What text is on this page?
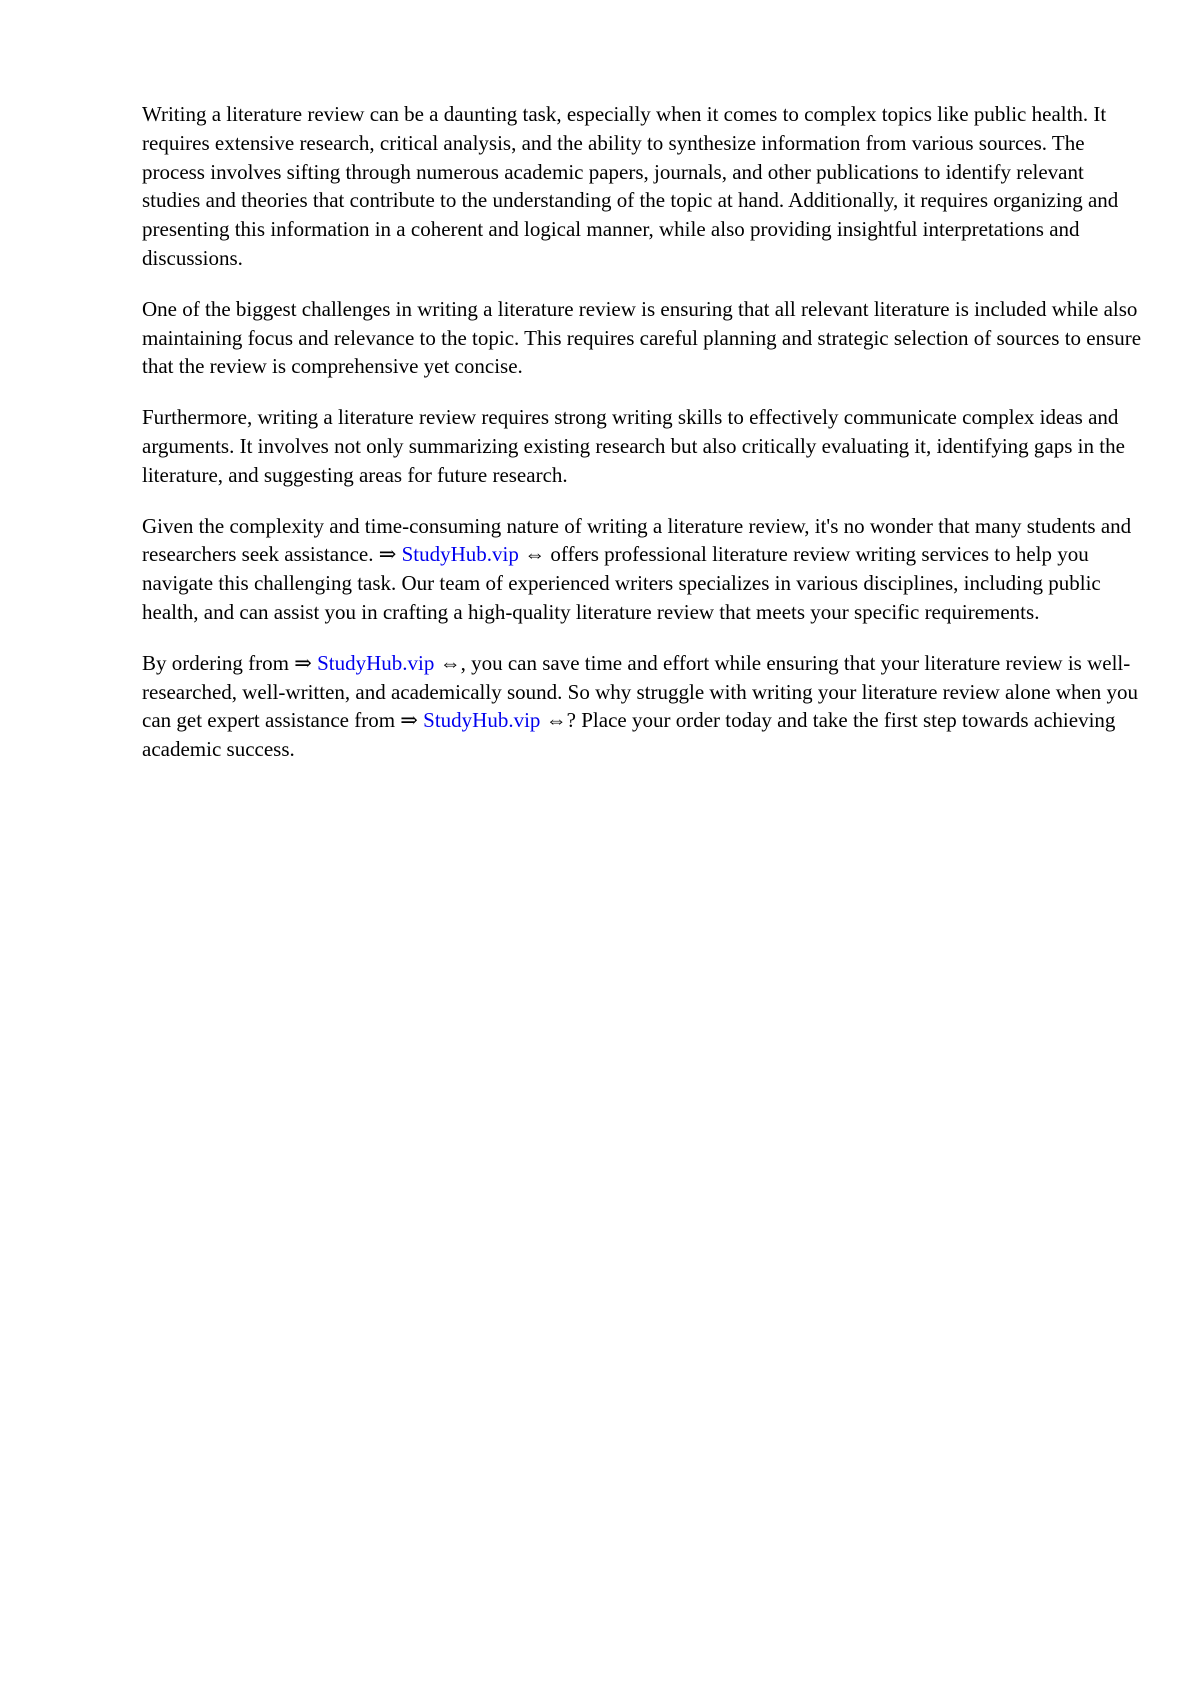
Writing a literature review can be a daunting task, especially when it comes to complex topics like public health. It requires extensive research, critical analysis, and the ability to synthesize information from various sources. The process involves sifting through numerous academic papers, journals, and other publications to identify relevant studies and theories that contribute to the understanding of the topic at hand. Additionally, it requires organizing and presenting this information in a coherent and logical manner, while also providing insightful interpretations and discussions.

One of the biggest challenges in writing a literature review is ensuring that all relevant literature is included while also maintaining focus and relevance to the topic. This requires careful planning and strategic selection of sources to ensure that the review is comprehensive yet concise.

Furthermore, writing a literature review requires strong writing skills to effectively communicate complex ideas and arguments. It involves not only summarizing existing research but also critically evaluating it, identifying gaps in the literature, and suggesting areas for future research.

Given the complexity and time-consuming nature of writing a literature review, it's no wonder that many students and researchers seek assistance. ⇒ StudyHub.vip ⇔ offers professional literature review writing services to help you navigate this challenging task. Our team of experienced writers specializes in various disciplines, including public health, and can assist you in crafting a high-quality literature review that meets your specific requirements.

By ordering from ⇒ StudyHub.vip ⇔, you can save time and effort while ensuring that your literature review is well-researched, well-written, and academically sound. So why struggle with writing your literature review alone when you can get expert assistance from ⇒ StudyHub.vip ⇔? Place your order today and take the first step towards achieving academic success.
